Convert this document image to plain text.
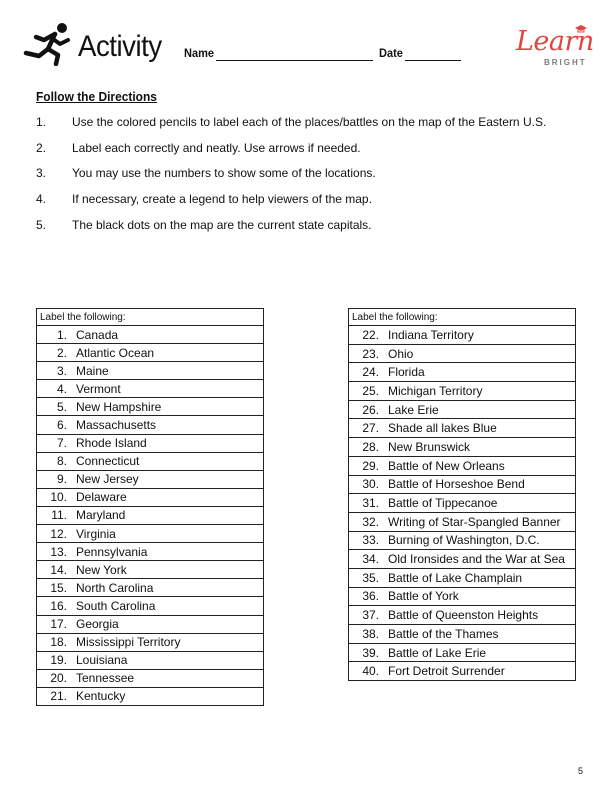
Activity Name	Date	Learn
BRIGHT
Follow the Directions
1. Use the colored pencils to label each of the places/battles on the map of the Eastern U.S.
2. Label each correctly and neatly. Use arrows if needed.
3. You may use the numbers to show some of the locations.
4. If necessary, create a legend to help viewers of the map.
5. The black dots on the map are the current state capitals.
Label the following:

1. Canada

2. Atlantic Ocean

3. Maine

4. Vermont

5. New Hampshire

6. Massachusetts

7. Rhode Island

8. Connecticut

9. New Jersey

10. Delaware

11. Maryland

12. Virginia

13. Pennsylvania

14. New York

15. North Carolina

16. South Carolina

17. Georgia

18. Mississippi Territory

19. Louisiana

20. Tennessee

21. Kentucky
Label the following:

22. Indiana Territory

23. Ohio

24. Florida

25. Michigan Territory

26. Lake Erie

27. Shade all lakes Blue

28. New Brunswick

29. Battle of New Orleans

30. Battle of Horseshoe Bend

31. Battle of Tippecanoe

32. Writing of Star-Spangled Banner

33. Burning of Washington, D.C.

34. Old Ironsides and the War at Sea

35. Battle of Lake Champlain

36. Battle of York

37. Battle of Queenston Heights

38. Battle of the Thames

39. Battle of Lake Erie

40. Fort Detroit Surrender
5
